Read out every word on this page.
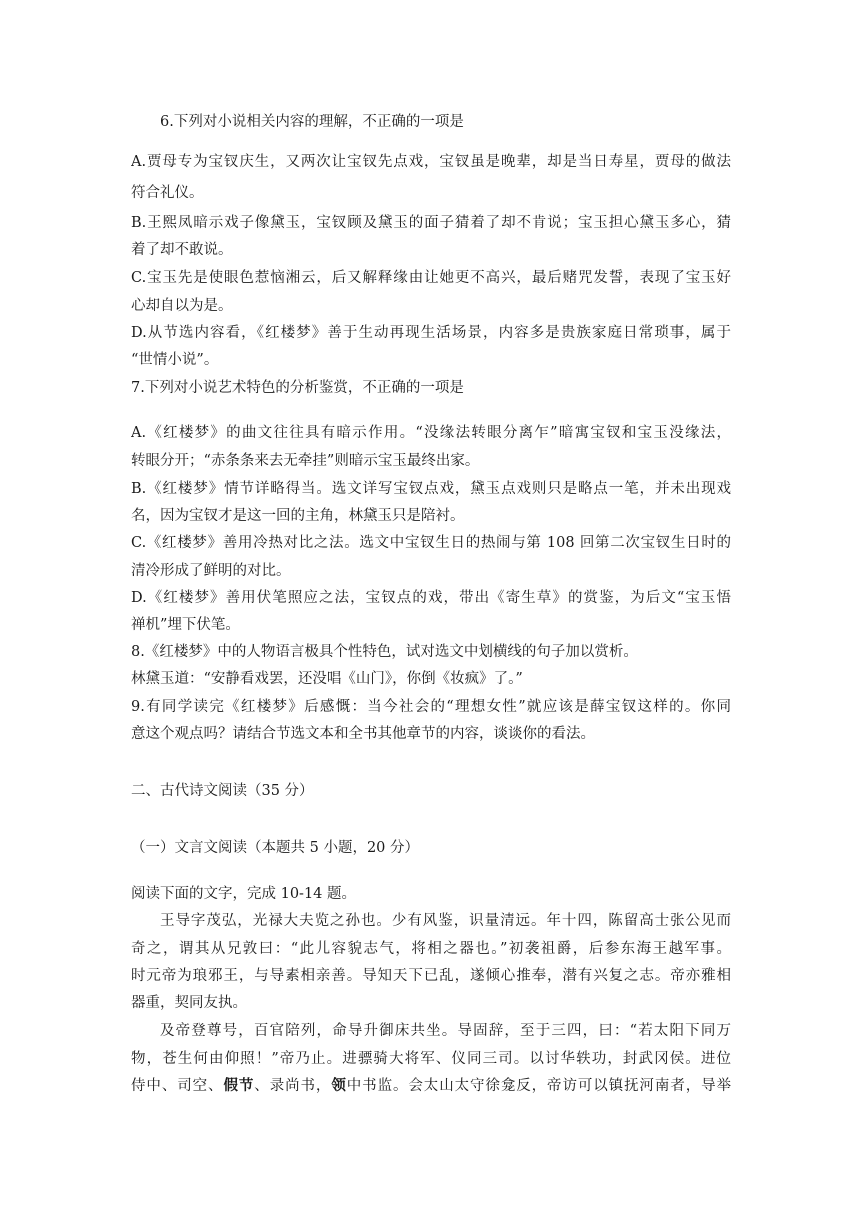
6.下列对小说相关内容的理解，不正确的一项是
A.贾母专为宝钗庆生，又两次让宝钗先点戏，宝钗虽是晚辈，却是当日寿星，贾母的做法
符合礼仪。
B.王熙凤暗示戏子像黛玉，宝钗顾及黛玉的面子猜着了却不肯说；宝玉担心黛玉多心，猜
着了却不敢说。
C.宝玉先是使眼色惹恼湘云，后又解释缘由让她更不高兴，最后赌咒发誓，表现了宝玉好
心却自以为是。
D.从节选内容看，《红楼梦》善于生动再现生活场景，内容多是贵族家庭日常琐事，属于
“世情小说”。
7.下列对小说艺术特色的分析鉴赏，不正确的一项是
A.《红楼梦》的曲文往往具有暗示作用。“没缘法转眼分离乍”暗寓宝钗和宝玉没缘法，
转眼分开；“赤条条来去无牵挂”则暗示宝玉最终出家。
B.《红楼梦》情节详略得当。选文详写宝钗点戏，黛玉点戏则只是略点一笔，并未出现戏
名，因为宝钗才是这一回的主角，林黛玉只是陪衬。
C.《红楼梦》善用冷热对比之法。选文中宝钗生日的热闹与第 108 回第二次宝钗生日时的
清冷形成了鲜明的对比。
D.《红楼梦》善用伏笔照应之法，宝钗点的戏，带出《寄生草》的赏鉴，为后文“宝玉悟
禅机”埋下伏笔。
8.《红楼梦》中的人物语言极具个性特色，试对选文中划横线的句子加以赏析。
林黛玉道：“安静看戏罢，还没唱《山门》，你倒《妆疯》了。”
9.有同学读完《红楼梦》后感慨：当今社会的“理想女性”就应该是薛宝钗这样的。你同
意这个观点吗？请结合节选文本和全书其他章节的内容，谈谈你的看法。
二、古代诗文阅读（35 分）
（一）文言文阅读（本题共 5 小题，20 分）
阅读下面的文字，完成 10-14 题。
王导字茂弘，光禄大夫览之孙也。少有风鉴，识量清远。年十四，陈留高士张公见而
奇之，谓其从兄敦曰：“此儿容貌志气，将相之器也。”初袭祖爵，后参东海王越军事。
时元帝为琅邪王，与导素相亲善。导知天下已乱，遂倾心推奉，潜有兴复之志。帝亦雅相
器重，契同友执。
及帝登尊号，百官陪列，命导升御床共坐。导固辞，至于三四，曰：“若太阳下同万
物，苍生何由仰照！”帝乃止。进骠骑大将军、仪同三司。以讨华轶功，封武冈侯。进位
侍中、司空、假节、录尚书，领中书监。会太山太守徐龛反，帝访可以镇抚河南者，导举
